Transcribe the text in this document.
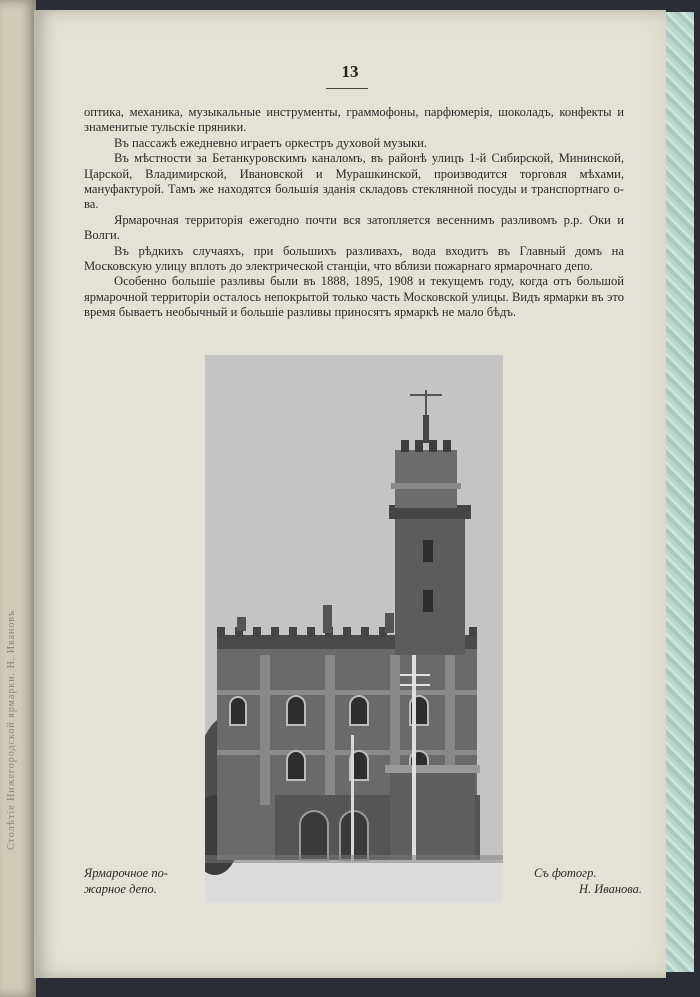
Столѣтіе Нижегородской ярмарки. Н. Ивановъ
13

оптика, механика, музыкальные инструменты, граммофоны, парфюмерія, шоколадъ, конфекты и знаменитые тульскіе пряники.

Въ пассажѣ ежедневно играетъ оркестръ духовой музыки.

Въ мѣстности за Бетанкуровскимъ каналомъ, въ районѣ улицъ 1-й Сибирской, Мининской, Царской, Владимирской, Ивановской и Мурашкинской, производится торговля мѣхами, мануфактурой. Тамъ же находятся большія зданія складовъ стеклянной посуды и транспортнаго о-ва.

Ярмарочная территорія ежегодно почти вся затопляется весеннимъ разливомъ р.р. Оки и Волги.

Въ рѣдкихъ случаяхъ, при большихъ разливахъ, вода входитъ въ Главный домъ на Московскую улицу вплоть до электрической станціи, что вблизи пожарнаго ярмарочнаго депо.

Особенно большіе разливы были въ 1888, 1895, 1908 и текущемъ году, когда отъ большой ярмарочной территоріи осталось непокрытой только часть Московской улицы. Видъ ярмарки въ это время бываетъ необычный и большіе разливы приносятъ ярмаркѣ не мало бѣдъ.

Ярмарочное по-
жарное депо.
Съ фотогр.
Н. Иванова.
